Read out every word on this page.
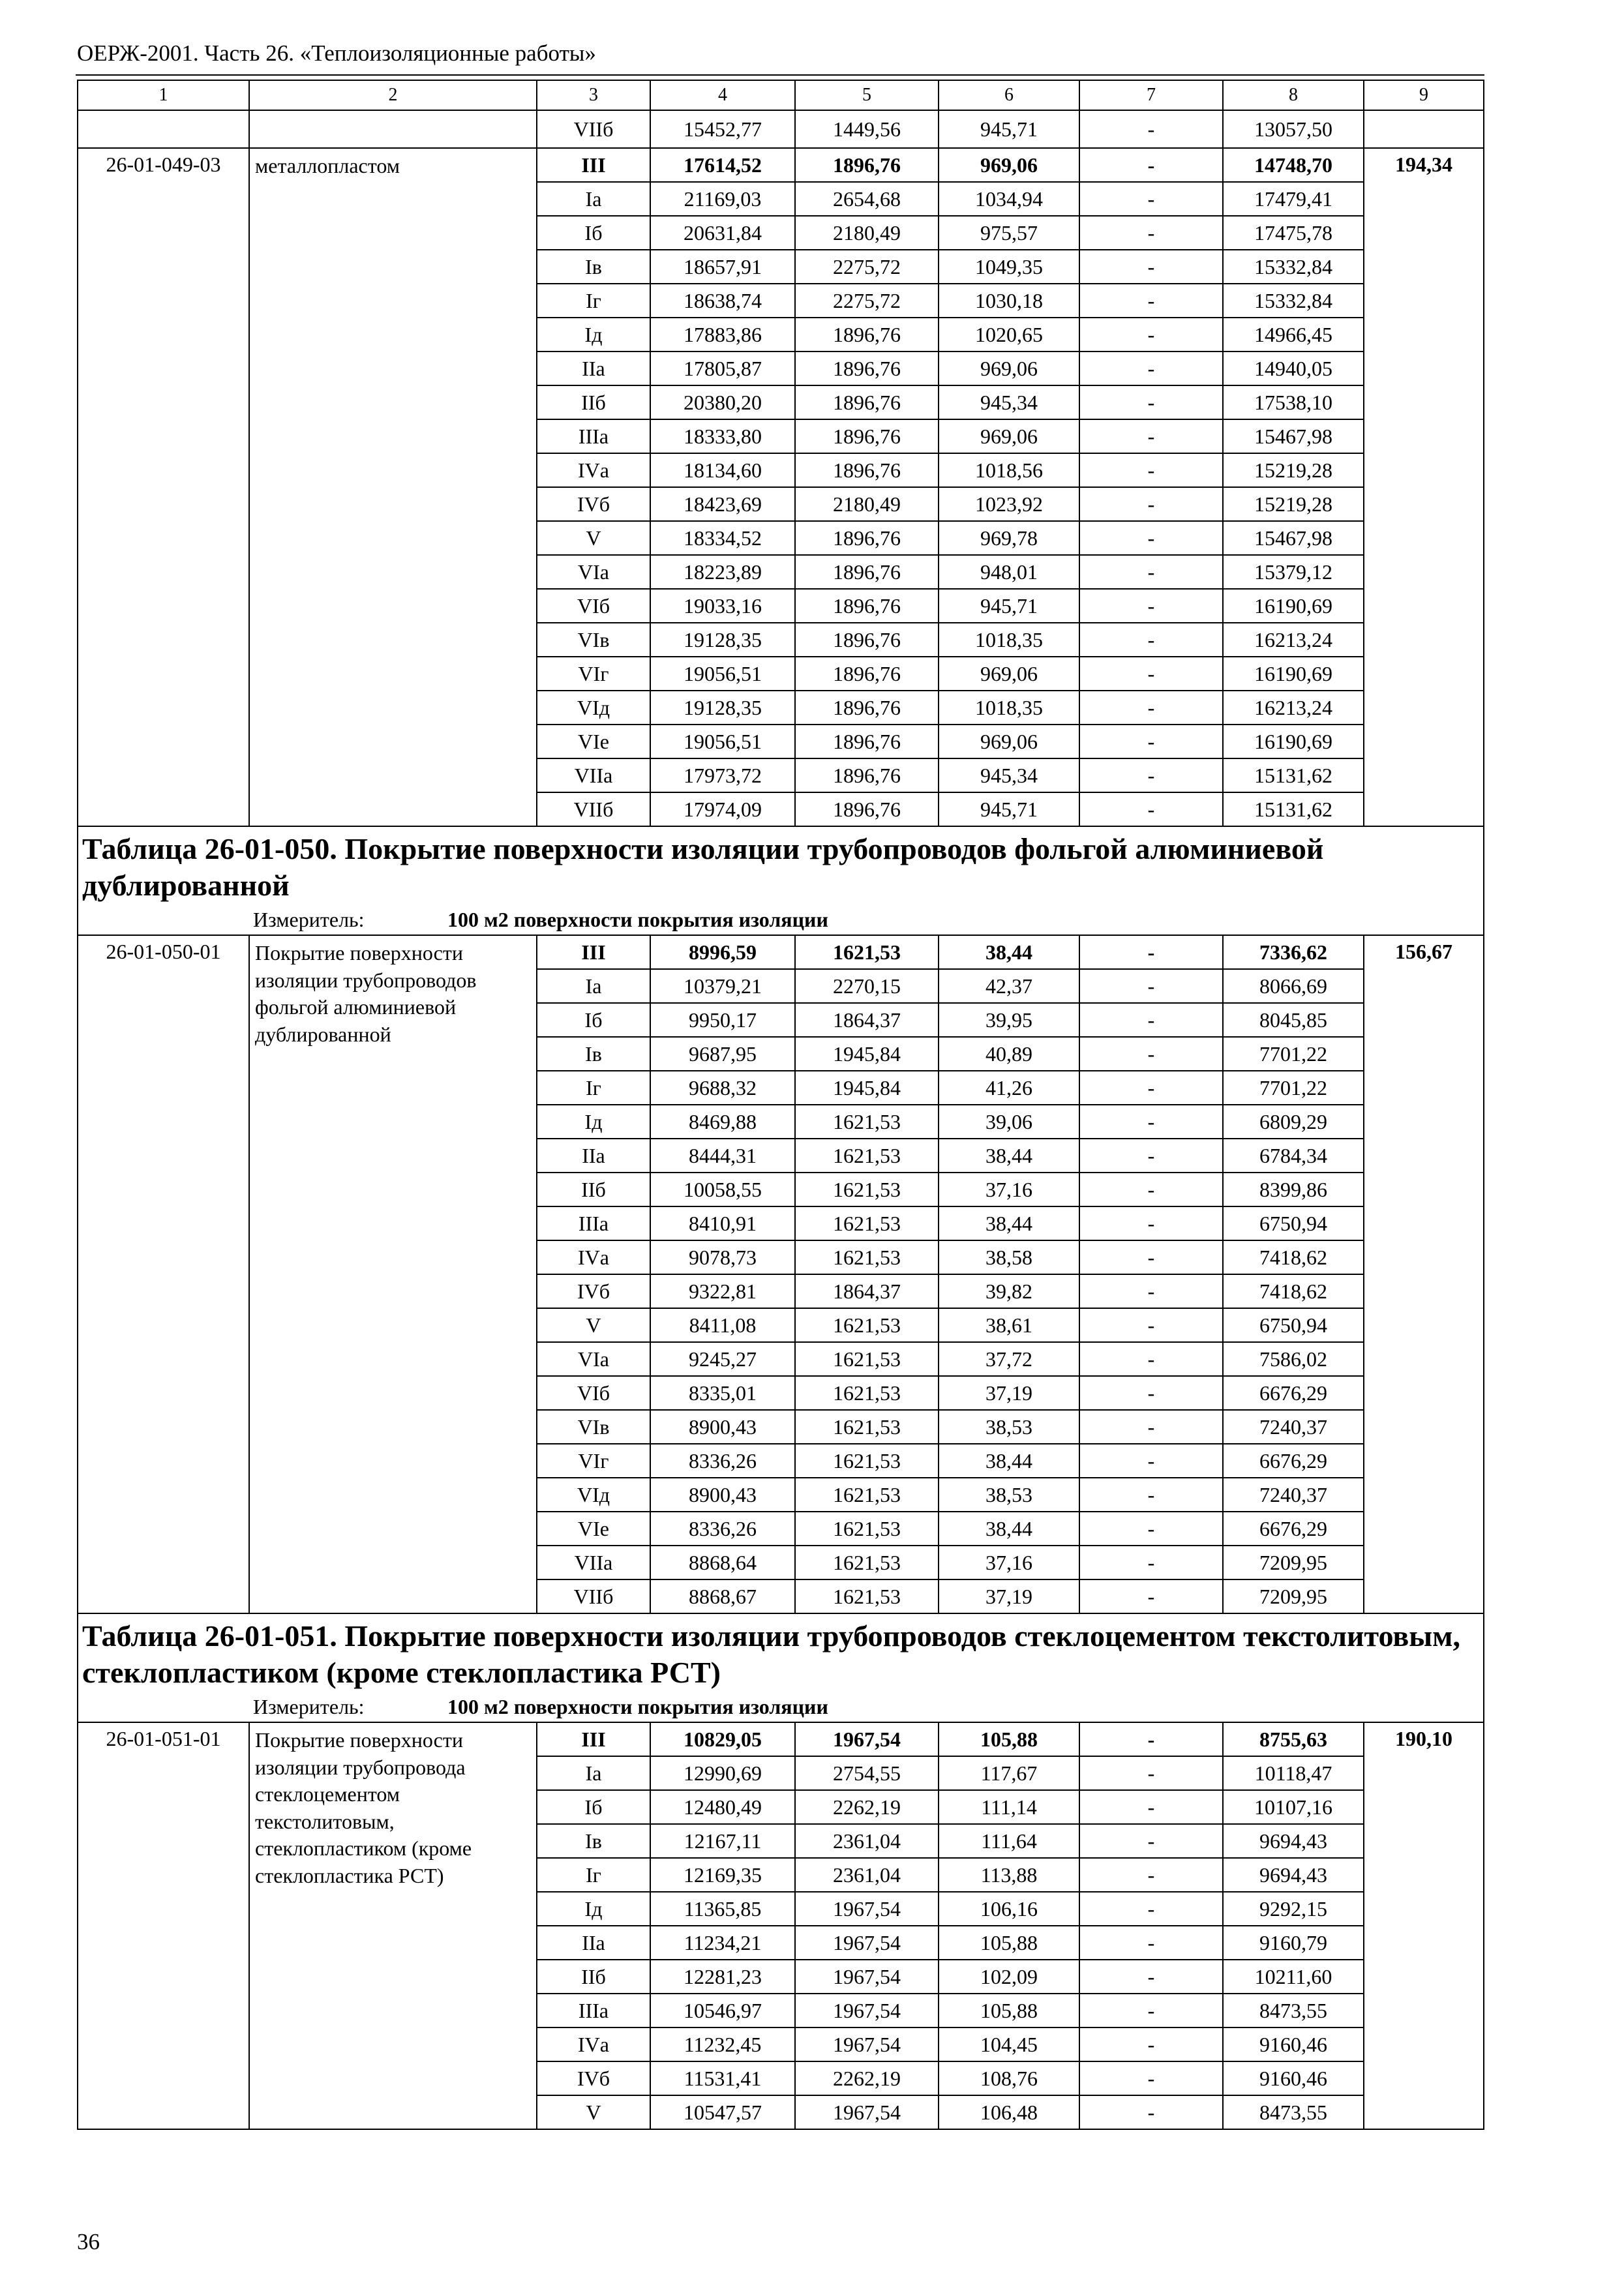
ОЕРЖ-2001. Часть 26. «Теплоизоляционные работы»
1	2	3	4	5	6	7	8	9
		VIIб	15452,77	1449,56	945,71	-	13057,50	
26-01-049-03	металлопластом	III	17614,52	1896,76	969,06	-	14748,70	194,34
		Iа	21169,03	2654,68	1034,94	-	17479,41	
		Iб	20631,84	2180,49	975,57	-	17475,78	
		Iв	18657,91	2275,72	1049,35	-	15332,84	
		Iг	18638,74	2275,72	1030,18	-	15332,84	
		Iд	17883,86	1896,76	1020,65	-	14966,45	
		IIа	17805,87	1896,76	969,06	-	14940,05	
		IIб	20380,20	1896,76	945,34	-	17538,10	
		IIIа	18333,80	1896,76	969,06	-	15467,98	
		IVа	18134,60	1896,76	1018,56	-	15219,28	
		IVб	18423,69	2180,49	1023,92	-	15219,28	
		V	18334,52	1896,76	969,78	-	15467,98	
		VIа	18223,89	1896,76	948,01	-	15379,12	
		VIб	19033,16	1896,76	945,71	-	16190,69	
		VIв	19128,35	1896,76	1018,35	-	16213,24	
		VIг	19056,51	1896,76	969,06	-	16190,69	
		VIд	19128,35	1896,76	1018,35	-	16213,24	
		VIе	19056,51	1896,76	969,06	-	16190,69	
		VIIа	17973,72	1896,76	945,34	-	15131,62	
		VIIб	17974,09	1896,76	945,71	-	15131,62	

Таблица 26-01-050. Покрытие поверхности изоляции трубопроводов фольгой алюминиевой дублированной
Измеритель: 100 м2 поверхности покрытия изоляции								

26-01-050-01	Покрытие поверхности изоляции трубопроводов фольгой алюминиевой дублированной	III	8996,59	1621,53	38,44	-	7336,62	156,67
		Iа	10379,21	2270,15	42,37	-	8066,69	
		Iб	9950,17	1864,37	39,95	-	8045,85	
		Iв	9687,95	1945,84	40,89	-	7701,22	
		Iг	9688,32	1945,84	41,26	-	7701,22	
		Iд	8469,88	1621,53	39,06	-	6809,29	
		IIа	8444,31	1621,53	38,44	-	6784,34	
		IIб	10058,55	1621,53	37,16	-	8399,86	
		IIIа	8410,91	1621,53	38,44	-	6750,94	
		IVа	9078,73	1621,53	38,58	-	7418,62	
		IVб	9322,81	1864,37	39,82	-	7418,62	
		V	8411,08	1621,53	38,61	-	6750,94	
		VIа	9245,27	1621,53	37,72	-	7586,02	
		VIб	8335,01	1621,53	37,19	-	6676,29	
		VIв	8900,43	1621,53	38,53	-	7240,37	
		VIг	8336,26	1621,53	38,44	-	6676,29	
		VIд	8900,43	1621,53	38,53	-	7240,37	
		VIе	8336,26	1621,53	38,44	-	6676,29	
		VIIа	8868,64	1621,53	37,16	-	7209,95	
		VIIб	8868,67	1621,53	37,19	-	7209,95	

Таблица 26-01-051. Покрытие поверхности изоляции трубопроводов стеклоцементом текстолитовым, стеклопластиком (кроме стеклопластика РСТ)
Измеритель: 100 м2 поверхности покрытия изоляции								

26-01-051-01	Покрытие поверхности изоляции трубопровода стеклоцементом текстолитовым, стеклопластиком (кроме стеклопластика РСТ)	III	10829,05	1967,54	105,88	-	8755,63	190,10
		Iа	12990,69	2754,55	117,67	-	10118,47	
		Iб	12480,49	2262,19	111,14	-	10107,16	
		Iв	12167,11	2361,04	111,64	-	9694,43	
		Iг	12169,35	2361,04	113,88	-	9694,43	
		Iд	11365,85	1967,54	106,16	-	9292,15	
		IIа	11234,21	1967,54	105,88	-	9160,79	
		IIб	12281,23	1967,54	102,09	-	10211,60	
		IIIа	10546,97	1967,54	105,88	-	8473,55	
		IVа	11232,45	1967,54	104,45	-	9160,46	
		IVб	11531,41	2262,19	108,76	-	9160,46	
		V	10547,57	1967,54	106,48	-	8473,55	
36
